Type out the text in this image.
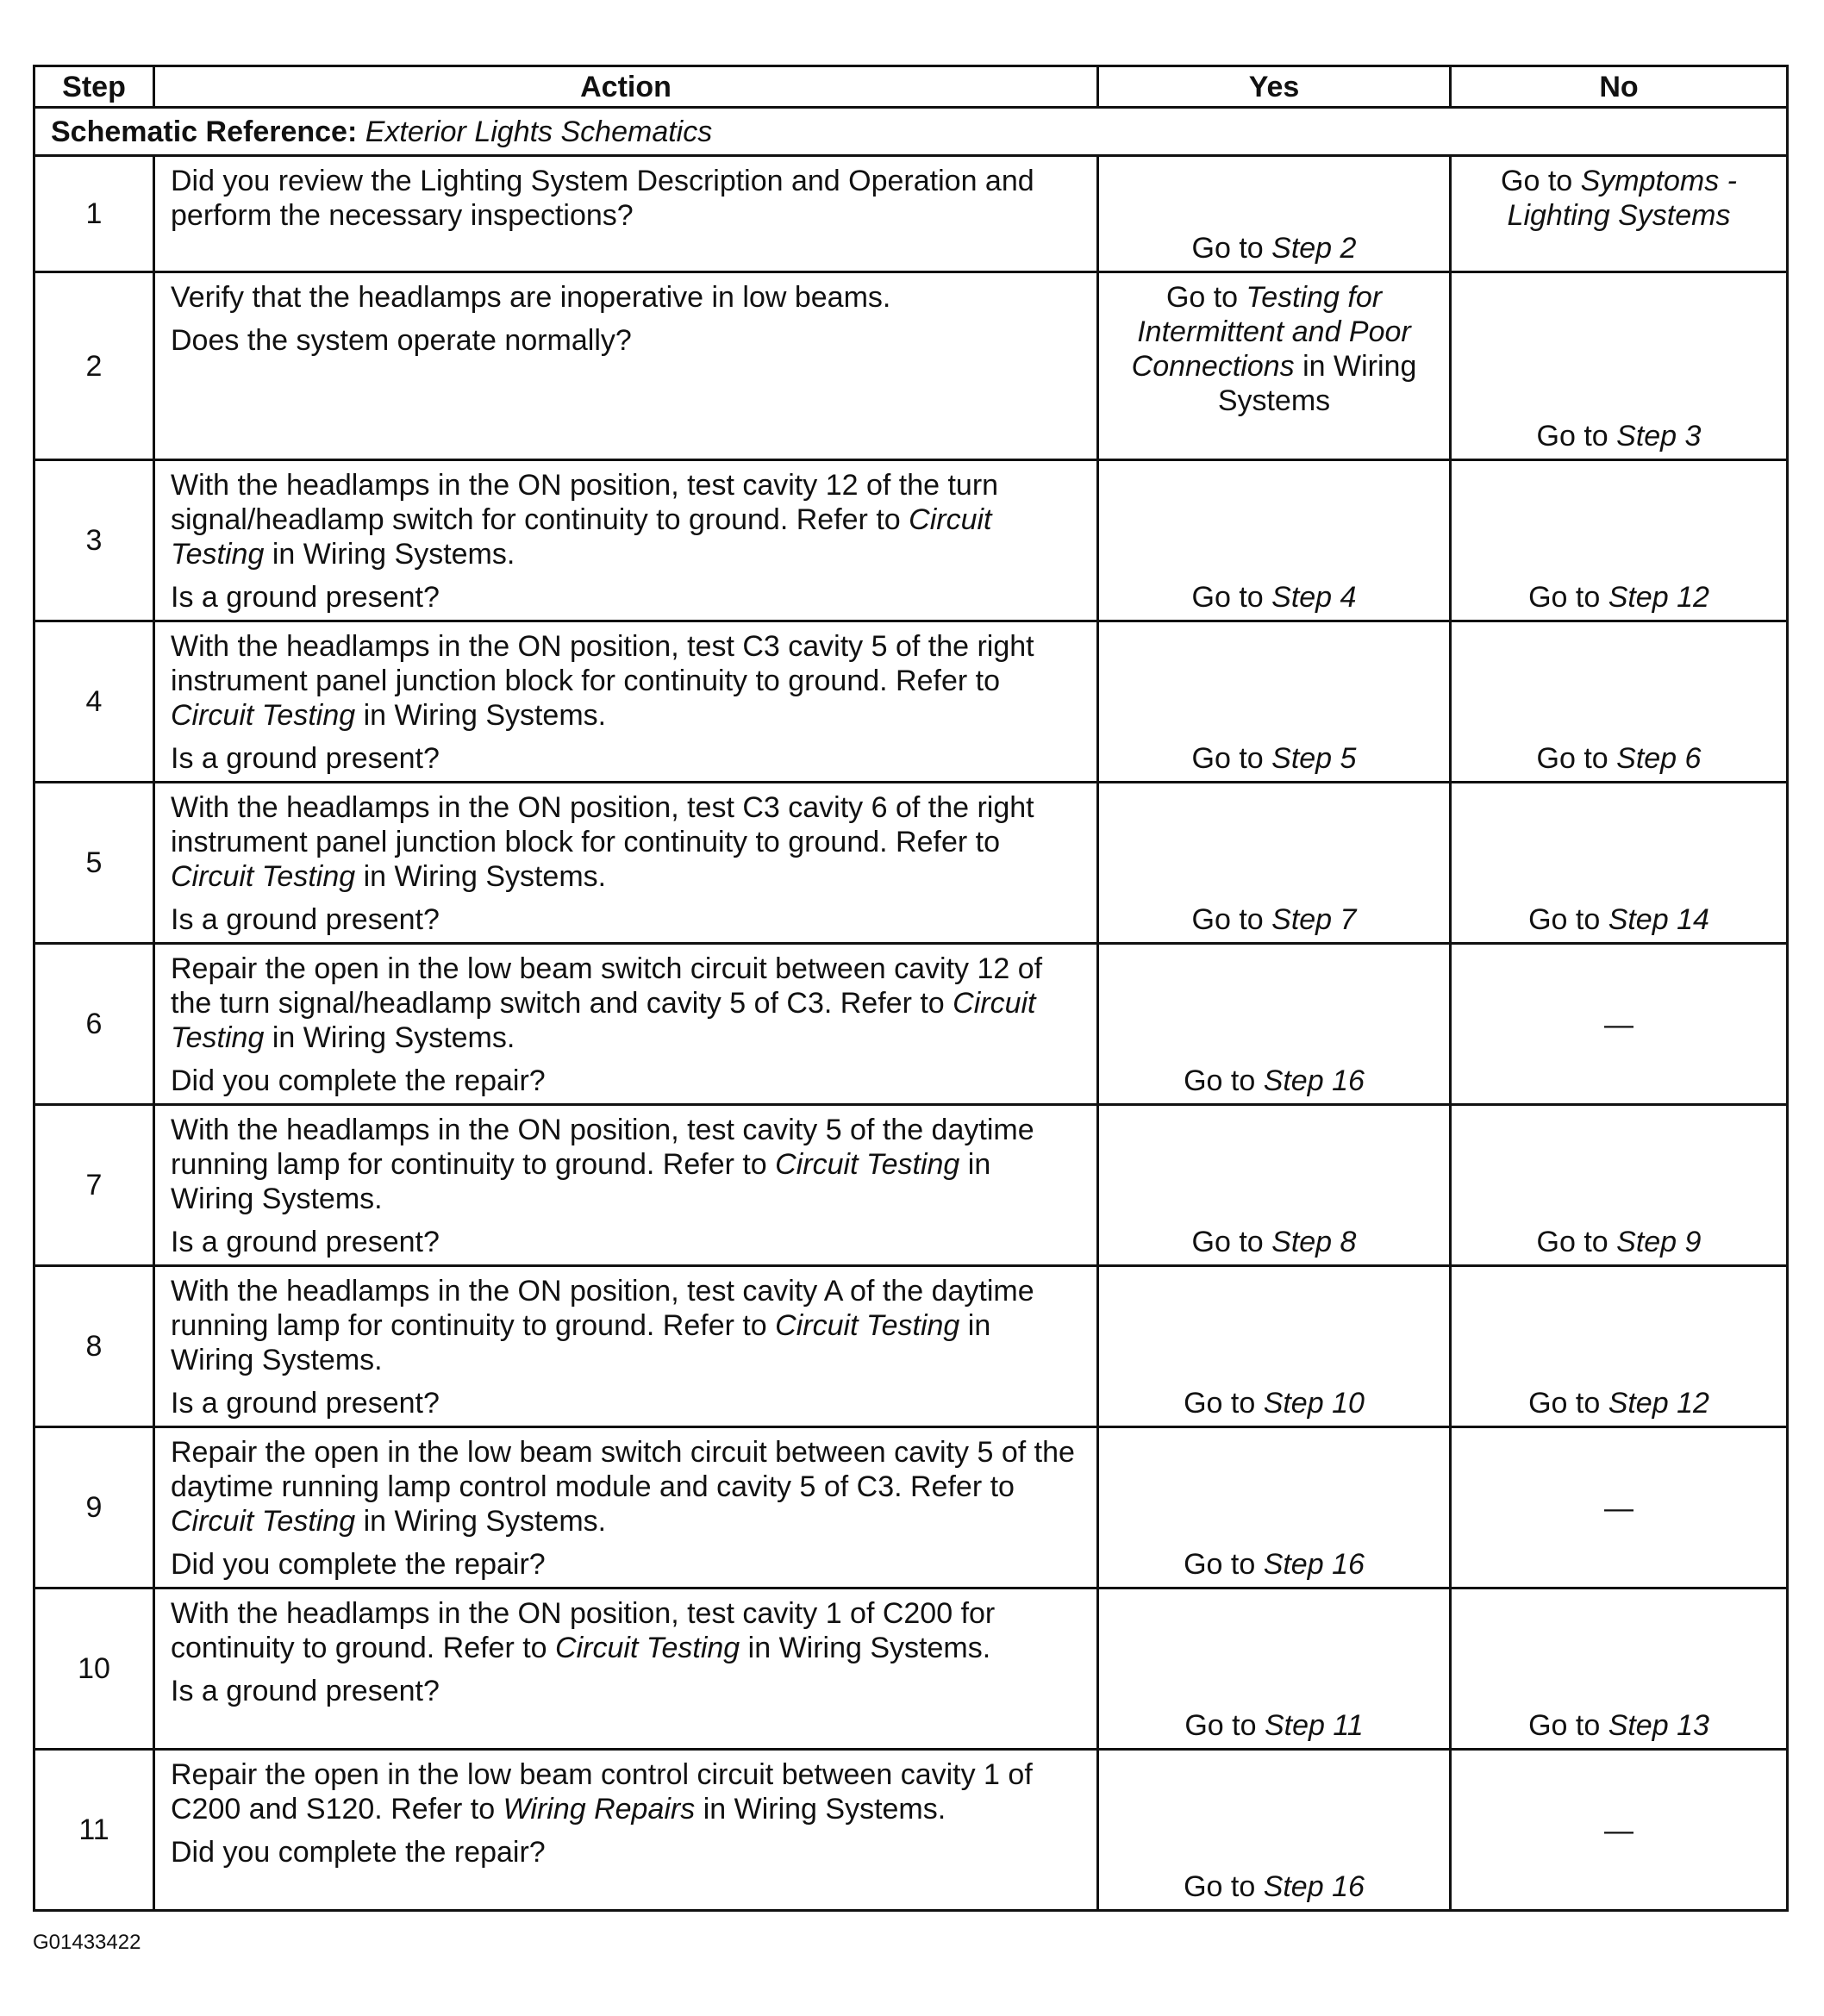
Step	Action	Yes	No
Schematic Reference: Exterior Lights Schematics			
1	Did you review the Lighting System Description and Operation and perform the necessary inspections?	Go to Step 2	Go to Symptoms - Lighting Systems
2	Verify that the headlamps are inoperative in low beams.

Does the system operate normally?	Go to Testing for Intermittent and Poor Connections in Wiring Systems	Go to Step 3
3	With the headlamps in the ON position, test cavity 12 of the turn signal/headlamp switch for continuity to ground. Refer to Circuit Testing in Wiring Systems.

Is a ground present?	Go to Step 4	Go to Step 12
4	With the headlamps in the ON position, test C3 cavity 5 of the right instrument panel junction block for continuity to ground. Refer to Circuit Testing in Wiring Systems.

Is a ground present?	Go to Step 5	Go to Step 6
5	With the headlamps in the ON position, test C3 cavity 6 of the right instrument panel junction block for continuity to ground. Refer to Circuit Testing in Wiring Systems.

Is a ground present?	Go to Step 7	Go to Step 14
6	Repair the open in the low beam switch circuit between cavity 12 of the turn signal/headlamp switch and cavity 5 of C3. Refer to Circuit Testing in Wiring Systems.

Did you complete the repair?	Go to Step 16	—
7	With the headlamps in the ON position, test cavity 5 of the daytime running lamp for continuity to ground. Refer to Circuit Testing in Wiring Systems.

Is a ground present?	Go to Step 8	Go to Step 9
8	With the headlamps in the ON position, test cavity A of the daytime running lamp for continuity to ground. Refer to Circuit Testing in Wiring Systems.

Is a ground present?	Go to Step 10	Go to Step 12
9	Repair the open in the low beam switch circuit between cavity 5 of the daytime running lamp control module and cavity 5 of C3. Refer to Circuit Testing in Wiring Systems.

Did you complete the repair?	Go to Step 16	—
10	With the headlamps in the ON position, test cavity 1 of C200 for continuity to ground. Refer to Circuit Testing in Wiring Systems.

Is a ground present?	Go to Step 11	Go to Step 13
11	Repair the open in the low beam control circuit between cavity 1 of C200 and S120. Refer to Wiring Repairs in Wiring Systems.

Did you complete the repair?	Go to Step 16	—
G01433422
